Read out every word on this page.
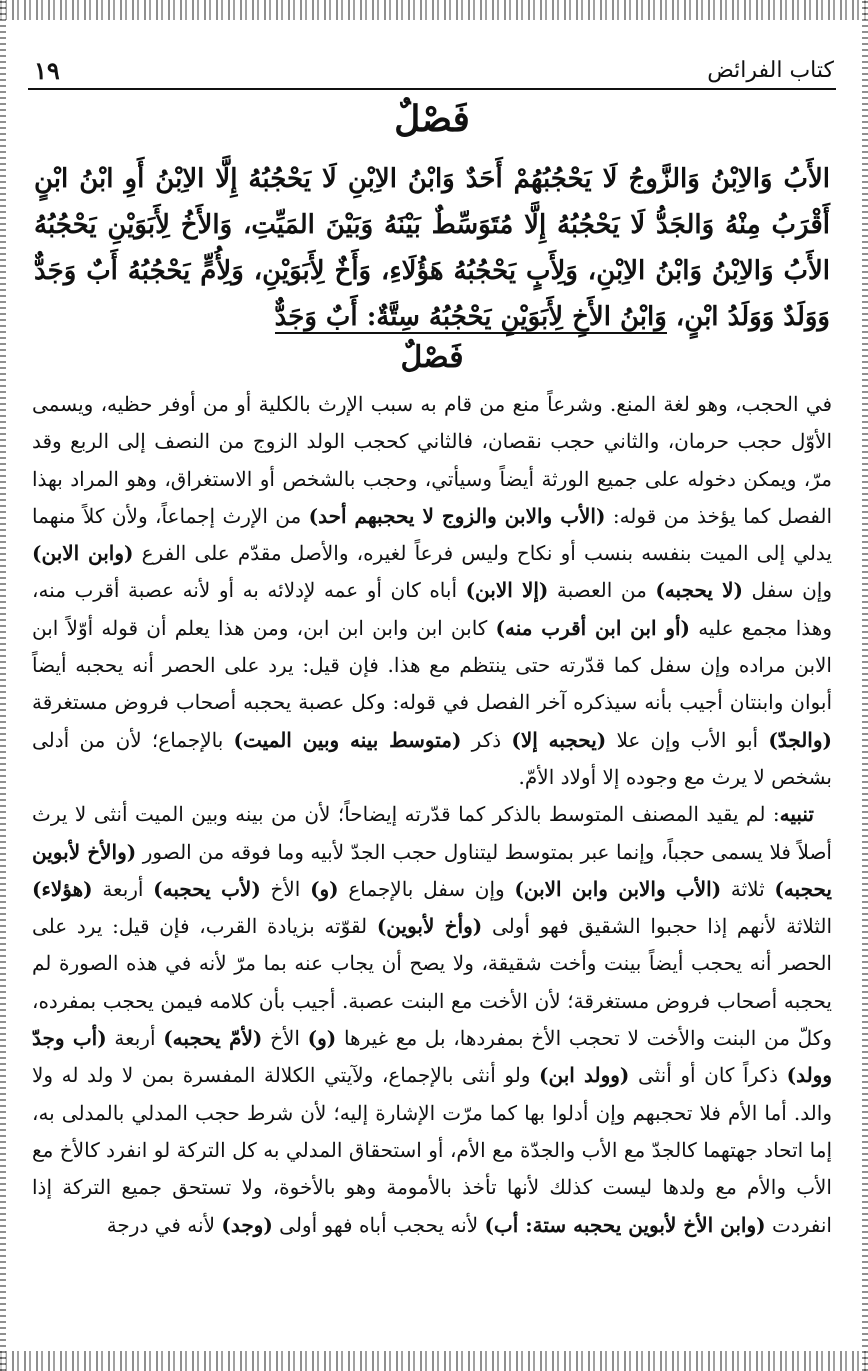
كتاب الفرائض
١٩
فَصْلٌ
الأَبُ وَالاِبْنُ وَالزَّوجُ لَا يَحْجُبُهُمْ أَحَدٌ وَابْنُ الاِبْنِ لَا يَحْجُبُهُ إِلَّا الاِبْنُ أَوِ ابْنُ ابْنٍ أَقْرَبُ مِنْهُ وَالجَدُّ لَا يَحْجُبُهُ إِلَّا مُتَوَسِّطٌ بَيْنَهُ وَبَيْنَ المَيِّتِ، وَالأَخُ لِأَبَوَيْنِ يَحْجُبُهُ الأَبُ وَالاِبْنُ وَابْنُ الاِبْنِ، وَلِأَبٍ يَحْجُبُهُ هَؤُلَاءِ، وَأَخٌ لِأَبَوَيْنِ، وَلِأُمٍّ يَحْجُبُهُ أَبٌ وَجَدٌّ وَوَلَدٌ وَوَلَدُ ابْنٍ، وَابْنُ الأَخِ لِأَبَوَيْنِ يَحْجُبُهُ سِتَّةٌ: أَبٌ وَجَدٌّ
فَصْلٌ

في الحجب، وهو لغة المنع. وشرعاً منع من قام به سبب الإرث بالكلية أو من أوفر حظيه، ويسمى الأوّل حجب حرمان، والثاني حجب نقصان، فالثاني كحجب الولد الزوج من النصف إلى الربع وقد مرّ، ويمكن دخوله على جميع الورثة أيضاً وسيأتي، وحجب بالشخص أو الاستغراق، وهو المراد بهذا الفصل كما يؤخذ من قوله: (الأب والابن والزوج لا يحجبهم أحد) من الإرث إجماعاً، ولأن كلاً منهما يدلي إلى الميت بنفسه بنسب أو نكاح وليس فرعاً لغيره، والأصل مقدّم على الفرع (وابن الابن) وإن سفل (لا يحجبه) من العصبة (إلا الابن) أباه كان أو عمه لإدلائه به أو لأنه عصبة أقرب منه، وهذا مجمع عليه (أو ابن ابن أقرب منه) كابن ابن وابن ابن ابن، ومن هذا يعلم أن قوله أوّلاً ابن الابن مراده وإن سفل كما قدّرته حتى ينتظم مع هذا. فإن قيل: يرد على الحصر أنه يحجبه أيضاً أبوان وابنتان أجيب بأنه سيذكره آخر الفصل في قوله: وكل عصبة يحجبه أصحاب فروض مستغرقة (والجدّ) أبو الأب وإن علا (يحجبه إلا) ذكر (متوسط بينه وبين الميت) بالإجماع؛ لأن من أدلى بشخص لا يرث مع وجوده إلا أولاد الأمّ.

تنبيه: لم يقيد المصنف المتوسط بالذكر كما قدّرته إيضاحاً؛ لأن من بينه وبين الميت أنثى لا يرث أصلاً فلا يسمى حجباً، وإنما عبر بمتوسط ليتناول حجب الجدّ لأبيه وما فوقه من الصور (والأخ لأبوين يحجبه) ثلاثة (الأب والابن وابن الابن) وإن سفل بالإجماع (و) الأخ (لأب يحجبه) أربعة (هؤلاء) الثلاثة لأنهم إذا حجبوا الشقيق فهو أولى (وأخ لأبوين) لقوّته بزيادة القرب، فإن قيل: يرد على الحصر أنه يحجب أيضاً بينت وأخت شقيقة، ولا يصح أن يجاب عنه بما مرّ لأنه في هذه الصورة لم يحجبه أصحاب فروض مستغرقة؛ لأن الأخت مع البنت عصبة. أجيب بأن كلامه فيمن يحجب بمفرده، وكلّ من البنت والأخت لا تحجب الأخ بمفردها، بل مع غيرها (و) الأخ (لأمّ يحجبه) أربعة (أب وجدّ وولد) ذكراً كان أو أنثى (وولد ابن) ولو أنثى بالإجماع، ولآيتي الكلالة المفسرة بمن لا ولد له ولا والد. أما الأم فلا تحجبهم وإن أدلوا بها كما مرّت الإشارة إليه؛ لأن شرط حجب المدلي بالمدلى به، إما اتحاد جهتهما كالجدّ مع الأب والجدّة مع الأم، أو استحقاق المدلي به كل التركة لو انفرد كالأخ مع الأب والأم مع ولدها ليست كذلك لأنها تأخذ بالأمومة وهو بالأخوة، ولا تستحق جميع التركة إذا انفردت (وابن الأخ لأبوين يحجبه ستة: أب) لأنه يحجب أباه فهو أولى (وجد) لأنه في درجة
